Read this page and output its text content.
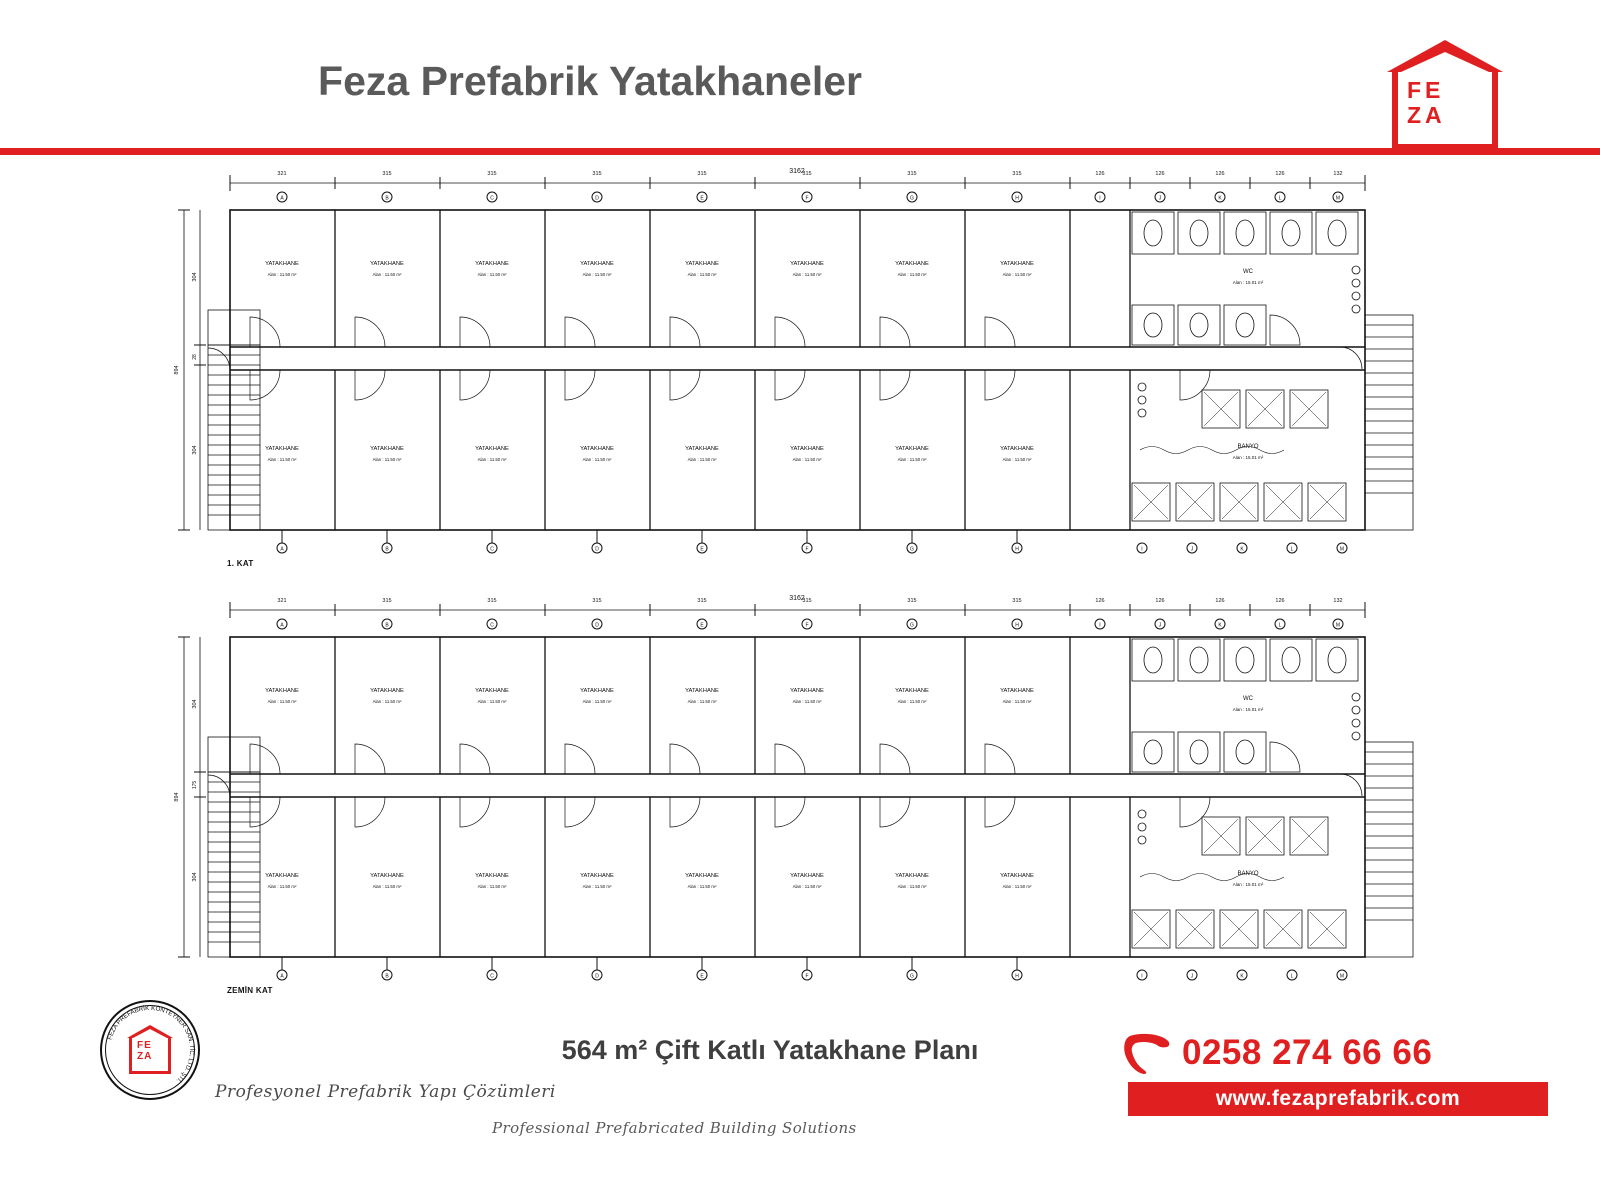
Feza Prefabrik Yatakhaneler	FE
ZA
3162
321	315	315	315	315	315	315	315	126	126	126	126	132
A	B	C	D	E	F	G	H	I	J	K	L	M
894
304
28
304
WC
Alan : 15.01 m²
BANYO
Alan : 15.01 m²
YATAKHANE
Alan : 11.50 m²
YATAKHANE
Alan : 11.50 m²
YATAKHANE
Alan : 11.50 m²
YATAKHANE
Alan : 11.50 m²
YATAKHANE
Alan : 11.50 m²
YATAKHANE
Alan : 11.50 m²
YATAKHANE
Alan : 11.50 m²
YATAKHANE
Alan : 11.50 m²
YATAKHANE
Alan : 11.50 m²
YATAKHANE
Alan : 11.50 m²
YATAKHANE
Alan : 11.50 m²
YATAKHANE
Alan : 11.50 m²
YATAKHANE
Alan : 11.50 m²
YATAKHANE
Alan : 11.50 m²
YATAKHANE
Alan : 11.50 m²
YATAKHANE
Alan : 11.50 m²
A	B	C	D	E	F	G	H	I	J	K	L	M
1. KAT
3162
321	315	315	315	315	315	315	315	126	126	126	126	132
A	B	C	D	E	F	G	H	I	J	K	L	M
894
304
175
304
WC
Alan : 15.01 m²
BANYO
Alan : 15.01 m²
YATAKHANE
Alan : 11.50 m²
YATAKHANE
Alan : 11.50 m²
YATAKHANE
Alan : 11.50 m²
YATAKHANE
Alan : 11.50 m²
YATAKHANE
Alan : 11.50 m²
YATAKHANE
Alan : 11.50 m²
YATAKHANE
Alan : 11.50 m²
YATAKHANE
Alan : 11.50 m²
YATAKHANE
Alan : 11.50 m²
YATAKHANE
Alan : 11.50 m²
YATAKHANE
Alan : 11.50 m²
YATAKHANE
Alan : 11.50 m²
YATAKHANE
Alan : 11.50 m²
YATAKHANE
Alan : 11.50 m²
YATAKHANE
Alan : 11.50 m²
YATAKHANE
Alan : 11.50 m²
A	B	C	D	E	F	G	H	I	J	K	L	M
ZEMİN KAT
FEZA PREFABRİK KONTEYNER SAN. TİC. LTD. ŞTİ.
FE
ZA
Profesyonel Prefabrik Yapı Çözümleri
Professional Prefabricated Building Solutions
564 m² Çift Katlı Yatakhane Planı	0258 274 66 66
www.fezaprefabrik.com
